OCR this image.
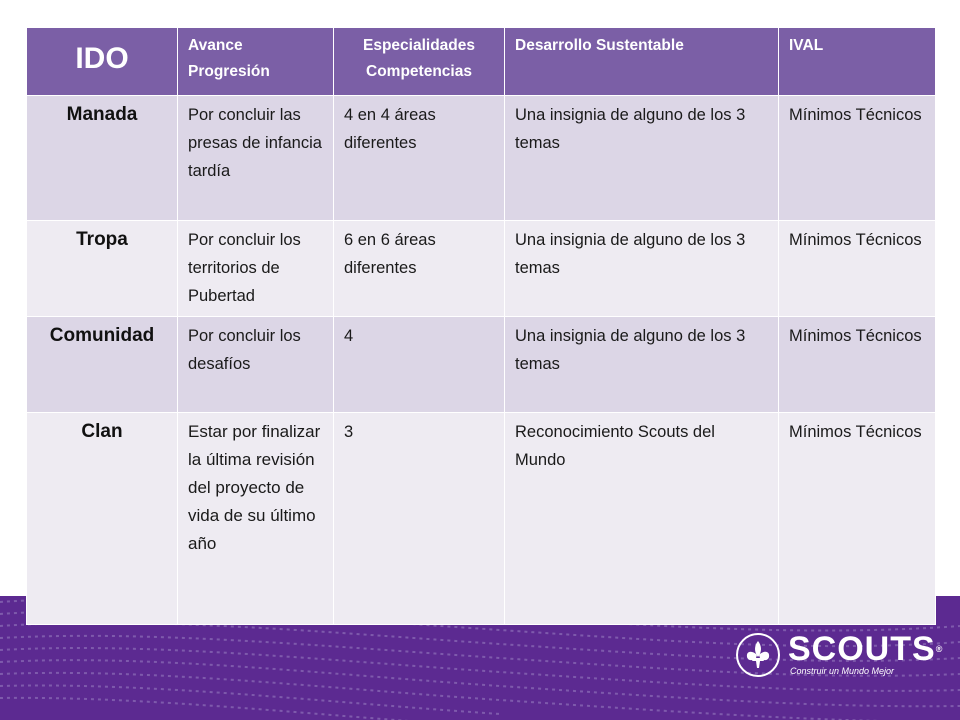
SCOUTS®
Construir un Mundo Mejor
IDO	Avance Progresión	Especialidades Competencias	Desarrollo Sustentable	IVAL
Manada	Por concluir las presas de infancia tardía	4 en 4 áreas diferentes	Una insignia de alguno de los 3 temas	Mínimos Técnicos
Tropa	Por concluir los territorios de Pubertad	6 en 6 áreas diferentes	Una insignia de alguno de los 3 temas	Mínimos Técnicos
Comunidad	Por concluir los desafíos	4	Una insignia de alguno de los 3 temas	Mínimos Técnicos
Clan	Estar por finalizar la última revisión del proyecto de vida de su último año	3	Reconocimiento Scouts del Mundo	Mínimos Técnicos
